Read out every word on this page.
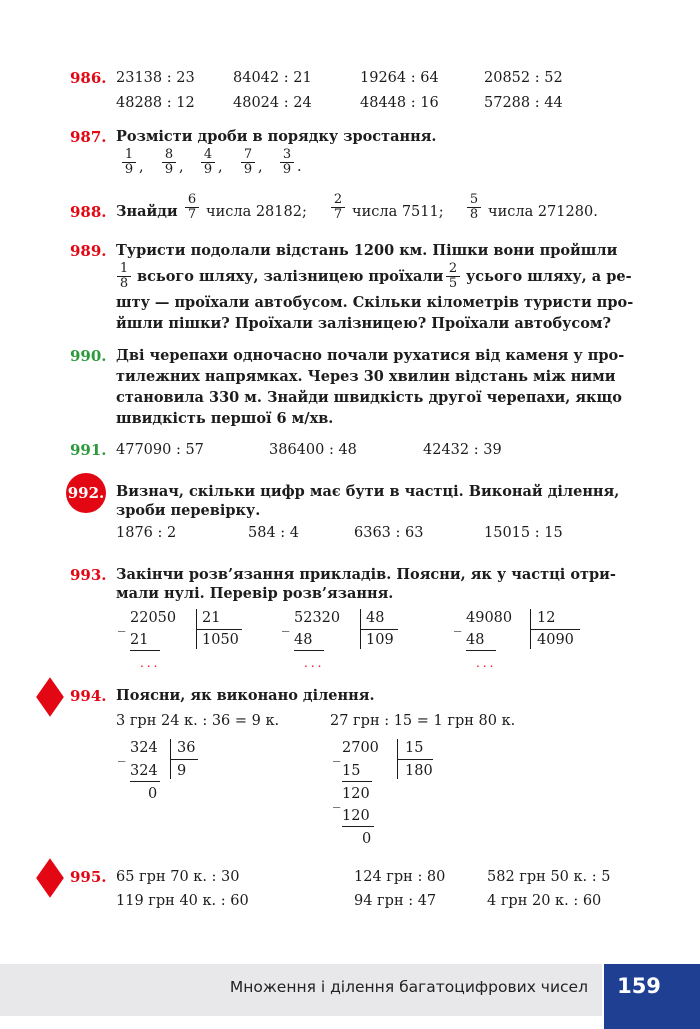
986. 23138 : 23	84042 : 21	19264 : 64	20852 : 52
48288 : 12	48024 : 24	48448 : 16	57288 : 44
987. Розмісти дроби в порядку зростання.
$\frac{1}{9}$ , $\frac{8}{9}$ , $\frac{4}{9}$ , $\frac{7}{9}$ , $\frac{3}{9}$ .
988. Знайди $\frac{6}{7}$ числа 28182; $\frac{2}{7}$ числа 7511; $\frac{5}{8}$ числа 271280.
989. Туристи подолали відстань 1200 км. Пішки вони пройшли
$\frac{1}{8}$ всього шляху, залізницею проїхали $\frac{2}{5}$ усього шляху, а ре-
шту — проїхали автобусом. Скільки кілометрів туристи про-
йшли пішки? Проїхали залізницею? Проїхали автобусом?
990. Дві черепахи одночасно почали рухатися від каменя у про-
тилежних напрямках. Через 30 хвилин відстань між ними
становила 330 м. Знайди швидкість другої черепахи, якщо
швидкість першої 6 м/хв.
991. 477090 : 57	386400 : 48	42432 : 39
992. Визнач, скільки цифр має бути в частці. Виконай ділення,
зроби перевірку.
1876 : 2	584 : 4	6363 : 63	15015 : 15
993. Закінчи розв’язання прикладів. Поясни, як у частці отри-
мали нулі. Перевір розв’язання.
_ 22050 21
21	1050
...
_ 52320 48
48	109
...
_ 49080 12
48	4090
...
994. Поясни, як виконано ділення.
3 грн 24 к. : 36 = 9 к.	27 грн : 15 = 1 грн 80 к.
_ 324 36
324 9
0
_ 2700 15
15	180
_ 120
120
0
995. 65 грн 70 к. : 30	124 грн : 80	582 грн 50 к. : 5
119 грн 40 к. : 60	94 грн : 47	4 грн 20 к. : 60
Множення і ділення багатоцифрових чисел	159
